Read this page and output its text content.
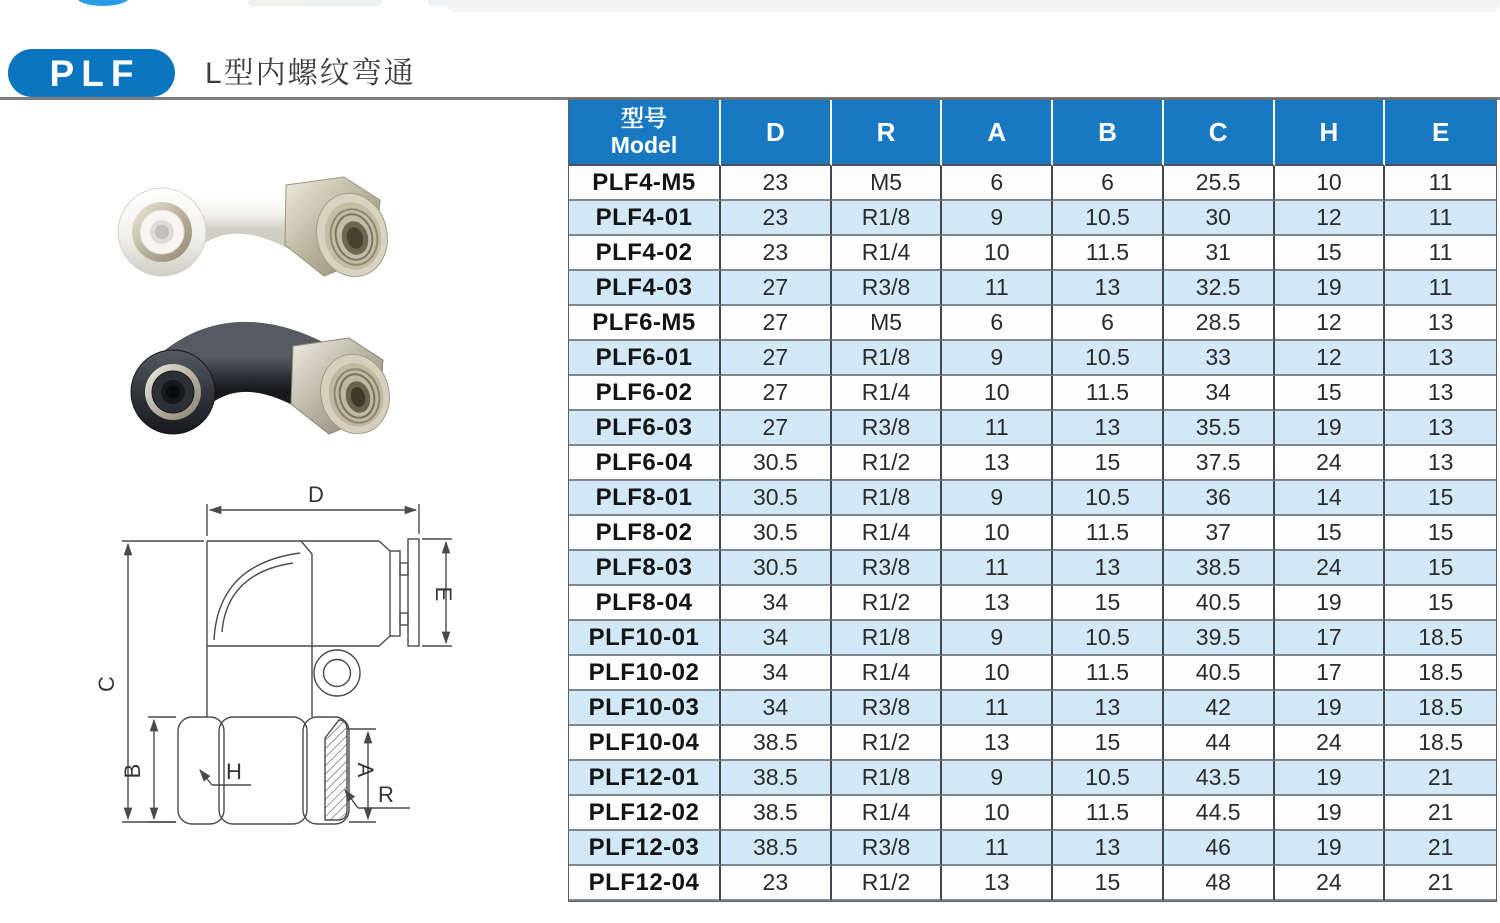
PLF L型内螺纹弯通
D
C
E
B	A
H
R
型号
Model	D	R	A	B	C	H	E
PLF4-M5	23	M5	6	6	25.5	10	11
PLF4-01	23	R1/8	9	10.5	30	12	11
PLF4-02	23	R1/4	10	11.5	31	15	11
PLF4-03	27	R3/8	11	13	32.5	19	11
PLF6-M5	27	M5	6	6	28.5	12	13
PLF6-01	27	R1/8	9	10.5	33	12	13
PLF6-02	27	R1/4	10	11.5	34	15	13
PLF6-03	27	R3/8	11	13	35.5	19	13
PLF6-04	30.5	R1/2	13	15	37.5	24	13
PLF8-01	30.5	R1/8	9	10.5	36	14	15
PLF8-02	30.5	R1/4	10	11.5	37	15	15
PLF8-03	30.5	R3/8	11	13	38.5	24	15
PLF8-04	34	R1/2	13	15	40.5	19	15
PLF10-01	34	R1/8	9	10.5	39.5	17	18.5
PLF10-02	34	R1/4	10	11.5	40.5	17	18.5
PLF10-03	34	R3/8	11	13	42	19	18.5
PLF10-04	38.5	R1/2	13	15	44	24	18.5
PLF12-01	38.5	R1/8	9	10.5	43.5	19	21
PLF12-02	38.5	R1/4	10	11.5	44.5	19	21
PLF12-03	38.5	R3/8	11	13	46	19	21
PLF12-04	23	R1/2	13	15	48	24	21
